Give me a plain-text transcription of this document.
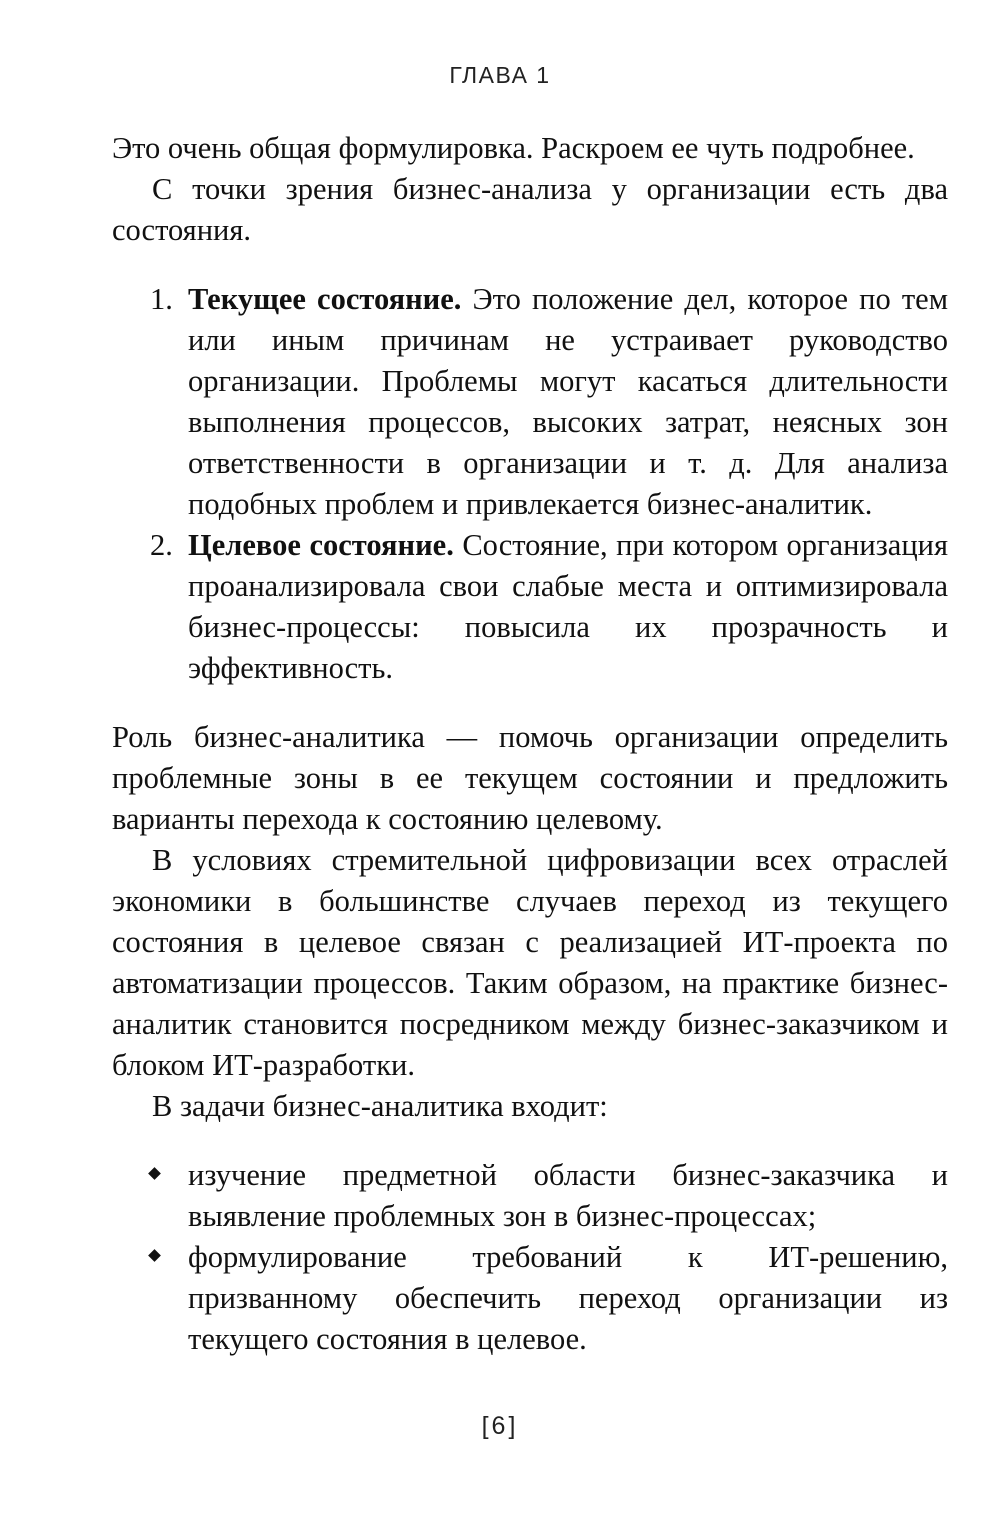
ГЛАВА 1

Это очень общая формулировка. Раскроем ее чуть подробнее.

С точки зрения бизнес-анализа у организации есть два состояния.

1. Текущее состояние. Это положение дел, которое по тем или иным причинам не устраивает руководство организации. Проблемы могут касаться длительности выполнения процессов, высоких затрат, неясных зон ответственности в организации и т. д. Для анализа подобных проблем и привлекается бизнес-аналитик.
2. Целевое состояние. Состояние, при котором организация проанализировала свои слабые места и оптимизировала бизнес-процессы: повысила их прозрачность и эффективность.

Роль бизнес-аналитика — помочь организации определить проблемные зоны в ее текущем состоянии и предложить варианты перехода к состоянию целевому.

В условиях стремительной цифровизации всех отраслей экономики в большинстве случаев переход из текущего состояния в целевое связан с реализацией ИТ-проекта по автоматизации процессов. Таким образом, на практике бизнес-аналитик становится посредником между бизнес-заказчиком и блоком ИТ-разработки.

В задачи бизнес-аналитика входит:

изучение предметной области бизнес-заказчика и выявление проблемных зон в бизнес-процессах;
формулирование требований к ИТ-решению, призванному обеспечить переход организации из текущего состояния в целевое.
[6]
